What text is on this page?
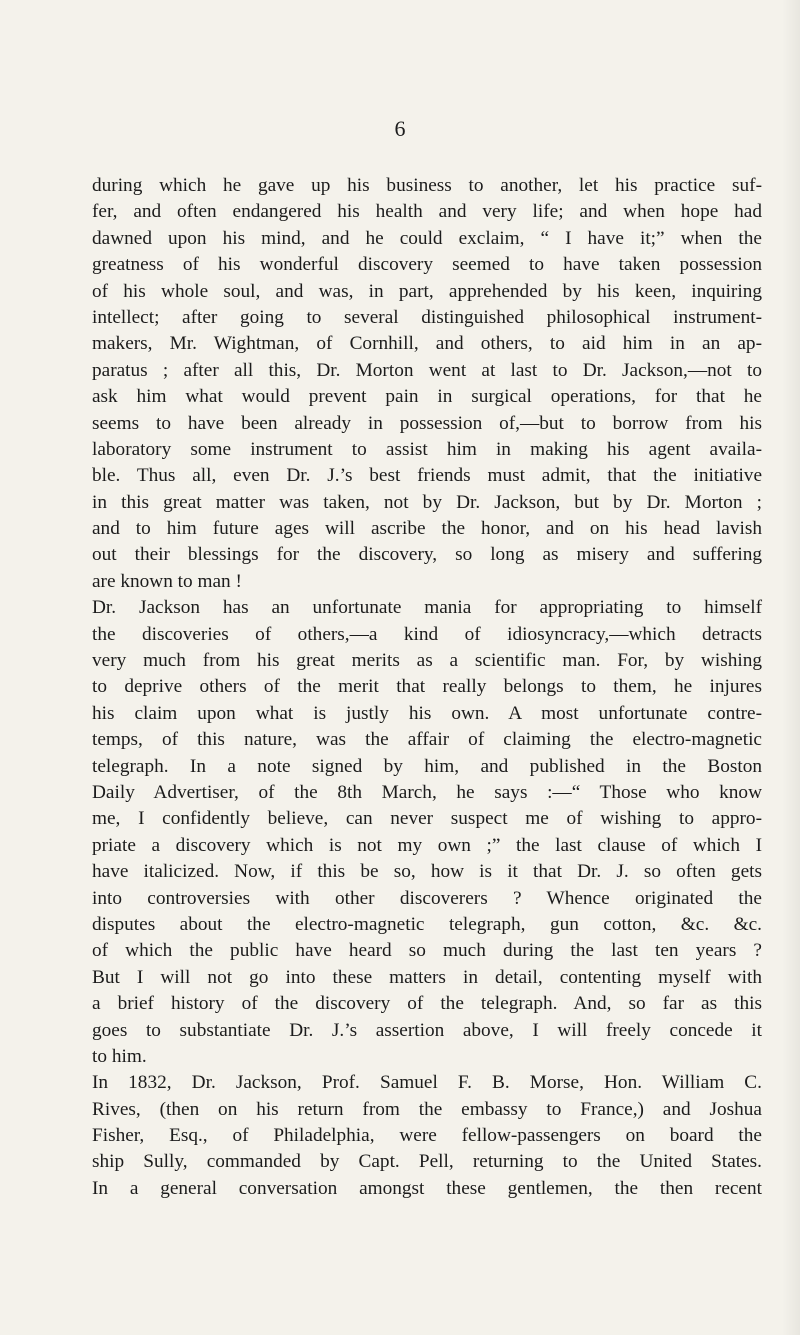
6
during which he gave up his business to another, let his practice suf-
fer, and often endangered his health and very life; and when hope had
dawned upon his mind, and he could exclaim, “ I have it;” when the
greatness of his wonderful discovery seemed to have taken possession
of his whole soul, and was, in part, apprehended by his keen, inquiring
intellect; after going to several distinguished philosophical instrument-
makers, Mr. Wightman, of Cornhill, and others, to aid him in an ap-
paratus ; after all this, Dr. Morton went at last to Dr. Jackson,—not to
ask him what would prevent pain in surgical operations, for that he
seems to have been already in possession of,—but to borrow from his
laboratory some instrument to assist him in making his agent availa-
ble. Thus all, even Dr. J.’s best friends must admit, that the initiative
in this great matter was taken, not by Dr. Jackson, but by Dr. Morton ;
and to him future ages will ascribe the honor, and on his head lavish
out their blessings for the discovery, so long as misery and suffering
are known to man !
Dr. Jackson has an unfortunate mania for appropriating to himself
the discoveries of others,—a kind of idiosyncracy,—which detracts
very much from his great merits as a scientific man. For, by wishing
to deprive others of the merit that really belongs to them, he injures
his claim upon what is justly his own. A most unfortunate contre-
temps, of this nature, was the affair of claiming the electro-magnetic
telegraph. In a note signed by him, and published in the Boston
Daily Advertiser, of the 8th March, he says :—“ Those who know
me, I confidently believe, can never suspect me of wishing to appro-
priate a discovery which is not my own ;” the last clause of which I
have italicized. Now, if this be so, how is it that Dr. J. so often gets
into controversies with other discoverers ? Whence originated the
disputes about the electro-magnetic telegraph, gun cotton, &c. &c.
of which the public have heard so much during the last ten years ?
But I will not go into these matters in detail, contenting myself with
a brief history of the discovery of the telegraph. And, so far as this
goes to substantiate Dr. J.’s assertion above, I will freely concede it
to him.
In 1832, Dr. Jackson, Prof. Samuel F. B. Morse, Hon. William C.
Rives, (then on his return from the embassy to France,) and Joshua
Fisher, Esq., of Philadelphia, were fellow-passengers on board the
ship Sully, commanded by Capt. Pell, returning to the United States.
In a general conversation amongst these gentlemen, the then recent
